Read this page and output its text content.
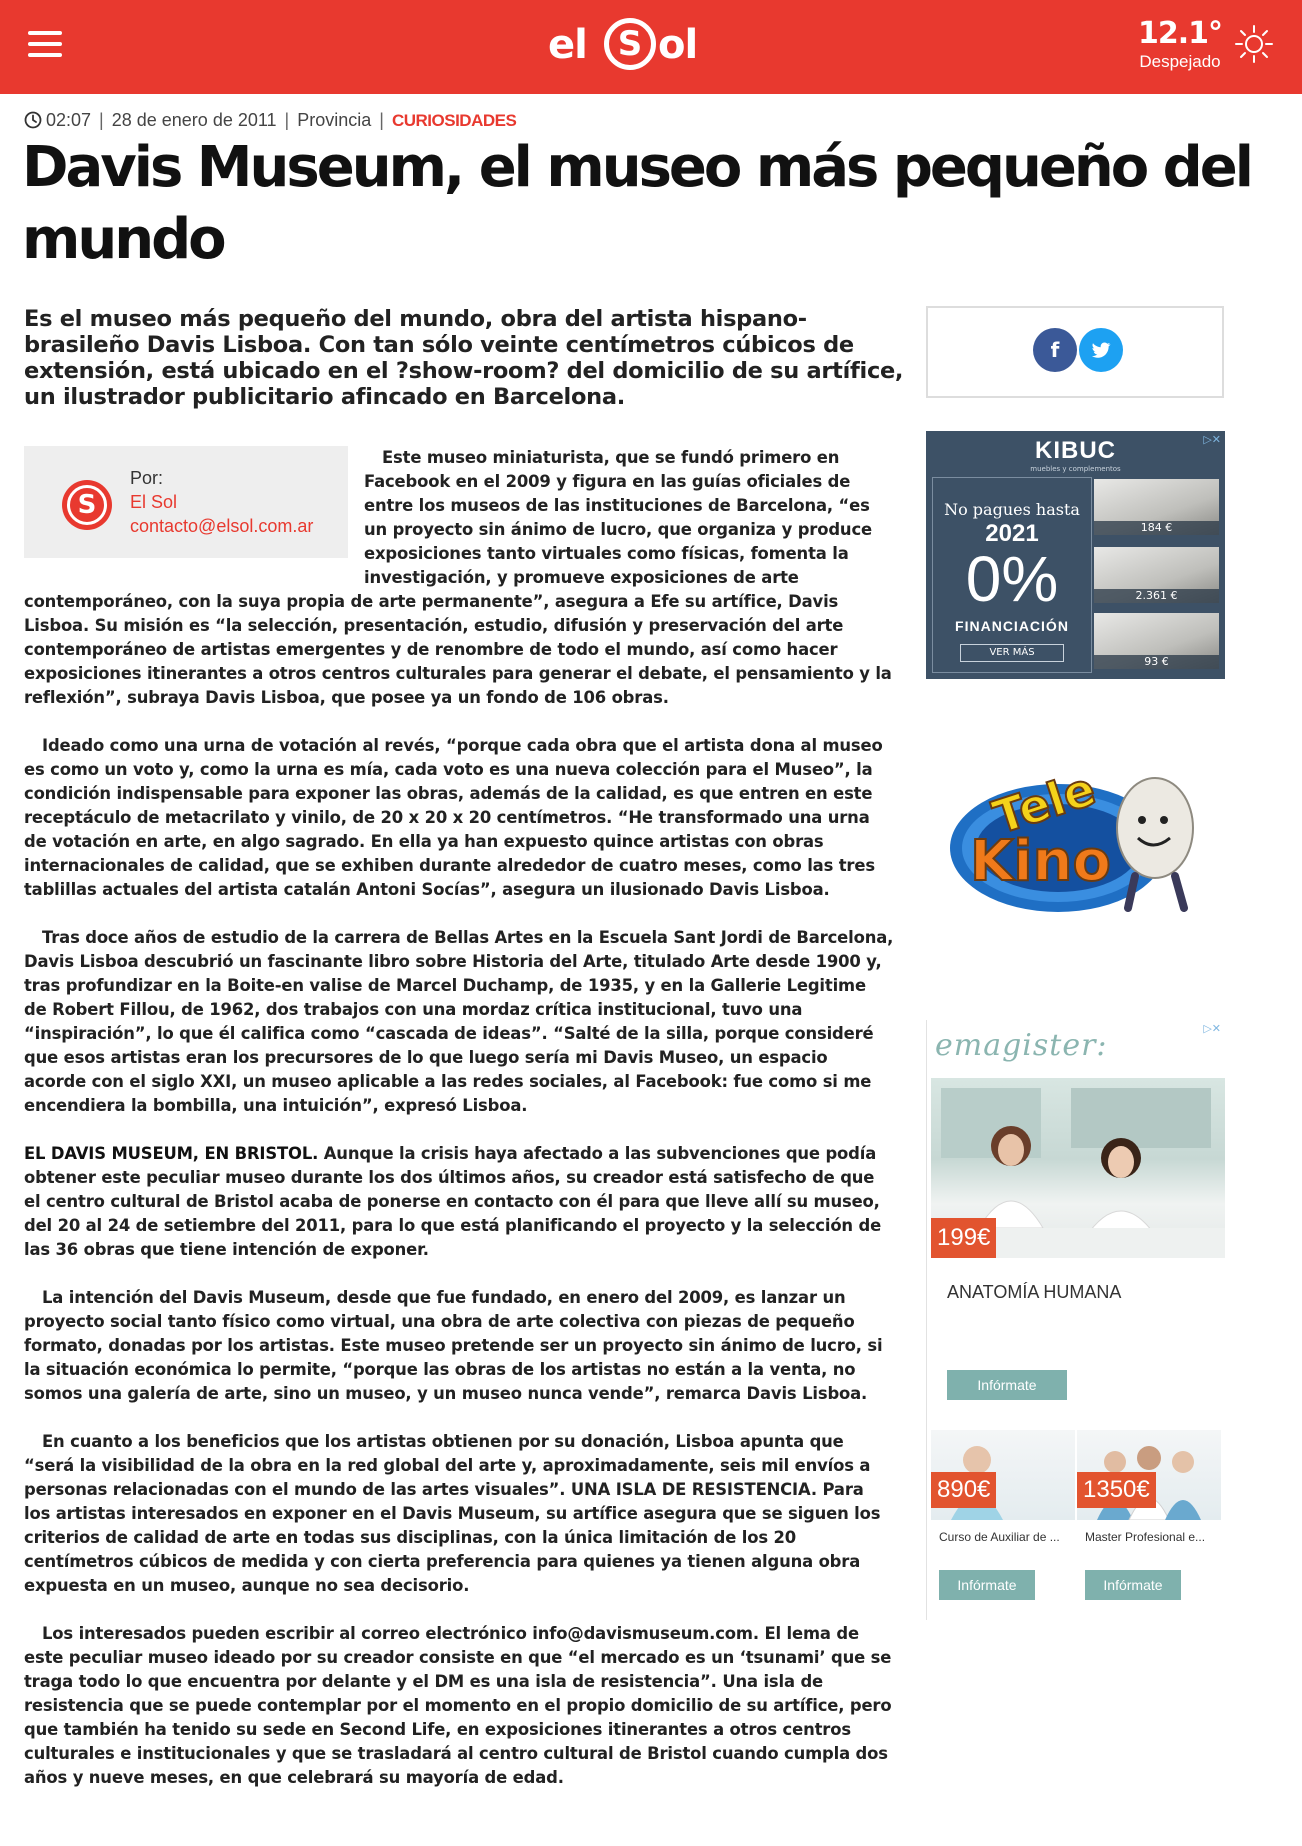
el S ol	12.1°
Despejado
02:07 | 28 de enero de 2011 | Provincia | CURIOSIDADES
Davis Museum, el museo más pequeño del mundo

Es el museo más pequeño del mundo, obra del artista hispano-brasileño Davis Lisboa. Con tan sólo veinte centímetros cúbicos de extensión, está ubicado en el ?show-room? del domicilio de su artífice, un ilustrador publicitario afincado en Barcelona.

S
Por:
El Sol
contacto@elsol.com.ar

Este museo miniaturista, que se fundó primero en Facebook en el 2009 y figura en las guías oficiales de entre los museos de las instituciones de Barcelona, “es un proyecto sin ánimo de lucro, que organiza y produce exposiciones tanto virtuales como físicas, fomenta la investigación, y promueve exposiciones de arte contemporáneo, con la suya propia de arte permanente”, asegura a Efe su artífice, Davis Lisboa. Su misión es “la selección, presentación, estudio, difusión y preservación del arte contemporáneo de artistas emergentes y de renombre de todo el mundo, así como hacer exposiciones itinerantes a otros centros culturales para generar el debate, el pensamiento y la reflexión”, subraya Davis Lisboa, que posee ya un fondo de 106 obras.

Ideado como una urna de votación al revés, “porque cada obra que el artista dona al museo es como un voto y, como la urna es mía, cada voto es una nueva colección para el Museo”, la condición indispensable para exponer las obras, además de la calidad, es que entren en este receptáculo de metacrilato y vinilo, de 20 x 20 x 20 centímetros. “He transformado una urna de votación en arte, en algo sagrado. En ella ya han expuesto quince artistas con obras internacionales de calidad, que se exhiben durante alrededor de cuatro meses, como las tres tablillas actuales del artista catalán Antoni Socías”, asegura un ilusionado Davis Lisboa.

Tras doce años de estudio de la carrera de Bellas Artes en la Escuela Sant Jordi de Barcelona, Davis Lisboa descubrió un fascinante libro sobre Historia del Arte, titulado Arte desde 1900 y, tras profundizar en la Boite-en valise de Marcel Duchamp, de 1935, y en la Gallerie Legitime de Robert Fillou, de 1962, dos trabajos con una mordaz crítica institucional, tuvo una “inspiración”, lo que él califica como “cascada de ideas”. “Salté de la silla, porque consideré que esos artistas eran los precursores de lo que luego sería mi Davis Museo, un espacio acorde con el siglo XXI, un museo aplicable a las redes sociales, al Facebook: fue como si me encendiera la bombilla, una intuición”, expresó Lisboa.

EL DAVIS MUSEUM, EN BRISTOL. Aunque la crisis haya afectado a las subvenciones que podía obtener este peculiar museo durante los dos últimos años, su creador está satisfecho de que el centro cultural de Bristol acaba de ponerse en contacto con él para que lleve allí su museo, del 20 al 24 de setiembre del 2011, para lo que está planificando el proyecto y la selección de las 36 obras que tiene intención de exponer.

La intención del Davis Museum, desde que fue fundado, en enero del 2009, es lanzar un proyecto social tanto físico como virtual, una obra de arte colectiva con piezas de pequeño formato, donadas por los artistas. Este museo pretende ser un proyecto sin ánimo de lucro, si la situación económica lo permite, “porque las obras de los artistas no están a la venta, no somos una galería de arte, sino un museo, y un museo nunca vende”, remarca Davis Lisboa.

En cuanto a los beneficios que los artistas obtienen por su donación, Lisboa apunta que “será la visibilidad de la obra en la red global del arte y, aproximadamente, seis mil envíos a personas relacionadas con el mundo de las artes visuales”. UNA ISLA DE RESISTENCIA. Para los artistas interesados en exponer en el Davis Museum, su artífice asegura que se siguen los criterios de calidad de arte en todas sus disciplinas, con la única limitación de los 20 centímetros cúbicos de medida y con cierta preferencia para quienes ya tienen alguna obra expuesta en un museo, aunque no sea decisorio.

Los interesados pueden escribir al correo electrónico info@davismuseum.com. El lema de este peculiar museo ideado por su creador consiste en que “el mercado es un ‘tsunami’ que se traga todo lo que encuentra por delante y el DM es una isla de resistencia”. Una isla de resistencia que se puede contemplar por el momento en el propio domicilio de su artífice, pero que también ha tenido su sede en Second Life, en exposiciones itinerantes a otros centros culturales e institucionales y que se trasladará al centro cultural de Bristol cuando cumpla dos años y nueve meses, en que celebrará su mayoría de edad.

f
▷✕
KIBUC
muebles y complementos
No pagues hasta
2021
0%
FINANCIACIÓN
VER MÁS
184 €
2.361 €
93 €
Tele
Kino
▷✕
emagister:
199€
ANATOMÍA HUMANA
Infórmate
890€
Curso de Auxiliar de ...
Infórmate
1350€
Master Profesional e...
Infórmate
